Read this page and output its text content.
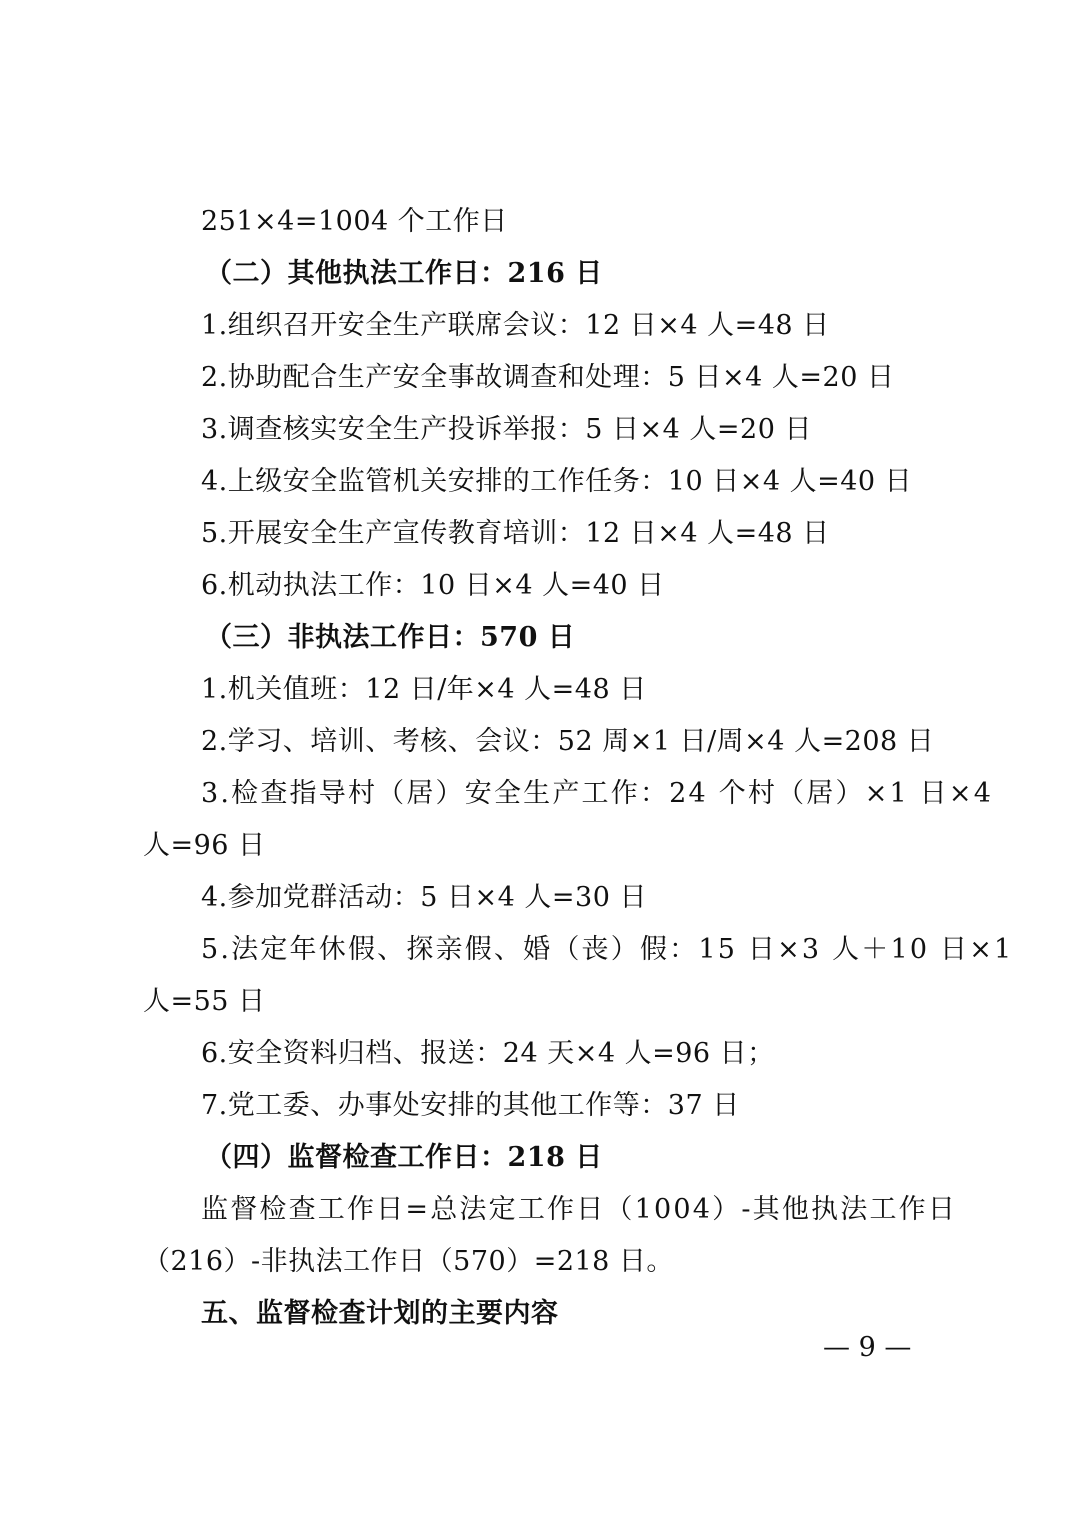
251×4=1004 个工作日
（二）其他执法工作日：216 日
1.组织召开安全生产联席会议：12 日×4 人=48 日
2.协助配合生产安全事故调查和处理：5 日×4 人=20 日
3.调查核实安全生产投诉举报：5 日×4 人=20 日
4.上级安全监管机关安排的工作任务：10 日×4 人=40 日
5.开展安全生产宣传教育培训：12 日×4 人=48 日
6.机动执法工作：10 日×4 人=40 日
（三）非执法工作日：570 日
1.机关值班：12 日/年×4 人=48 日
2.学习、培训、考核、会议：52 周×1 日/周×4 人=208 日
3.检查指导村（居）安全生产工作：24 个村（居）×1 日×4
人=96 日
4.参加党群活动：5 日×4 人=30 日
5.法定年休假、探亲假、婚（丧）假：15 日×3 人＋10 日×1
人=55 日
6.安全资料归档、报送：24 天×4 人=96 日；
7.党工委、办事处安排的其他工作等：37 日
（四）监督检查工作日：218 日
监督检查工作日=总法定工作日（1004）-其他执法工作日
（216）-非执法工作日（570）=218 日。
五、监督检查计划的主要内容
— 9 —
